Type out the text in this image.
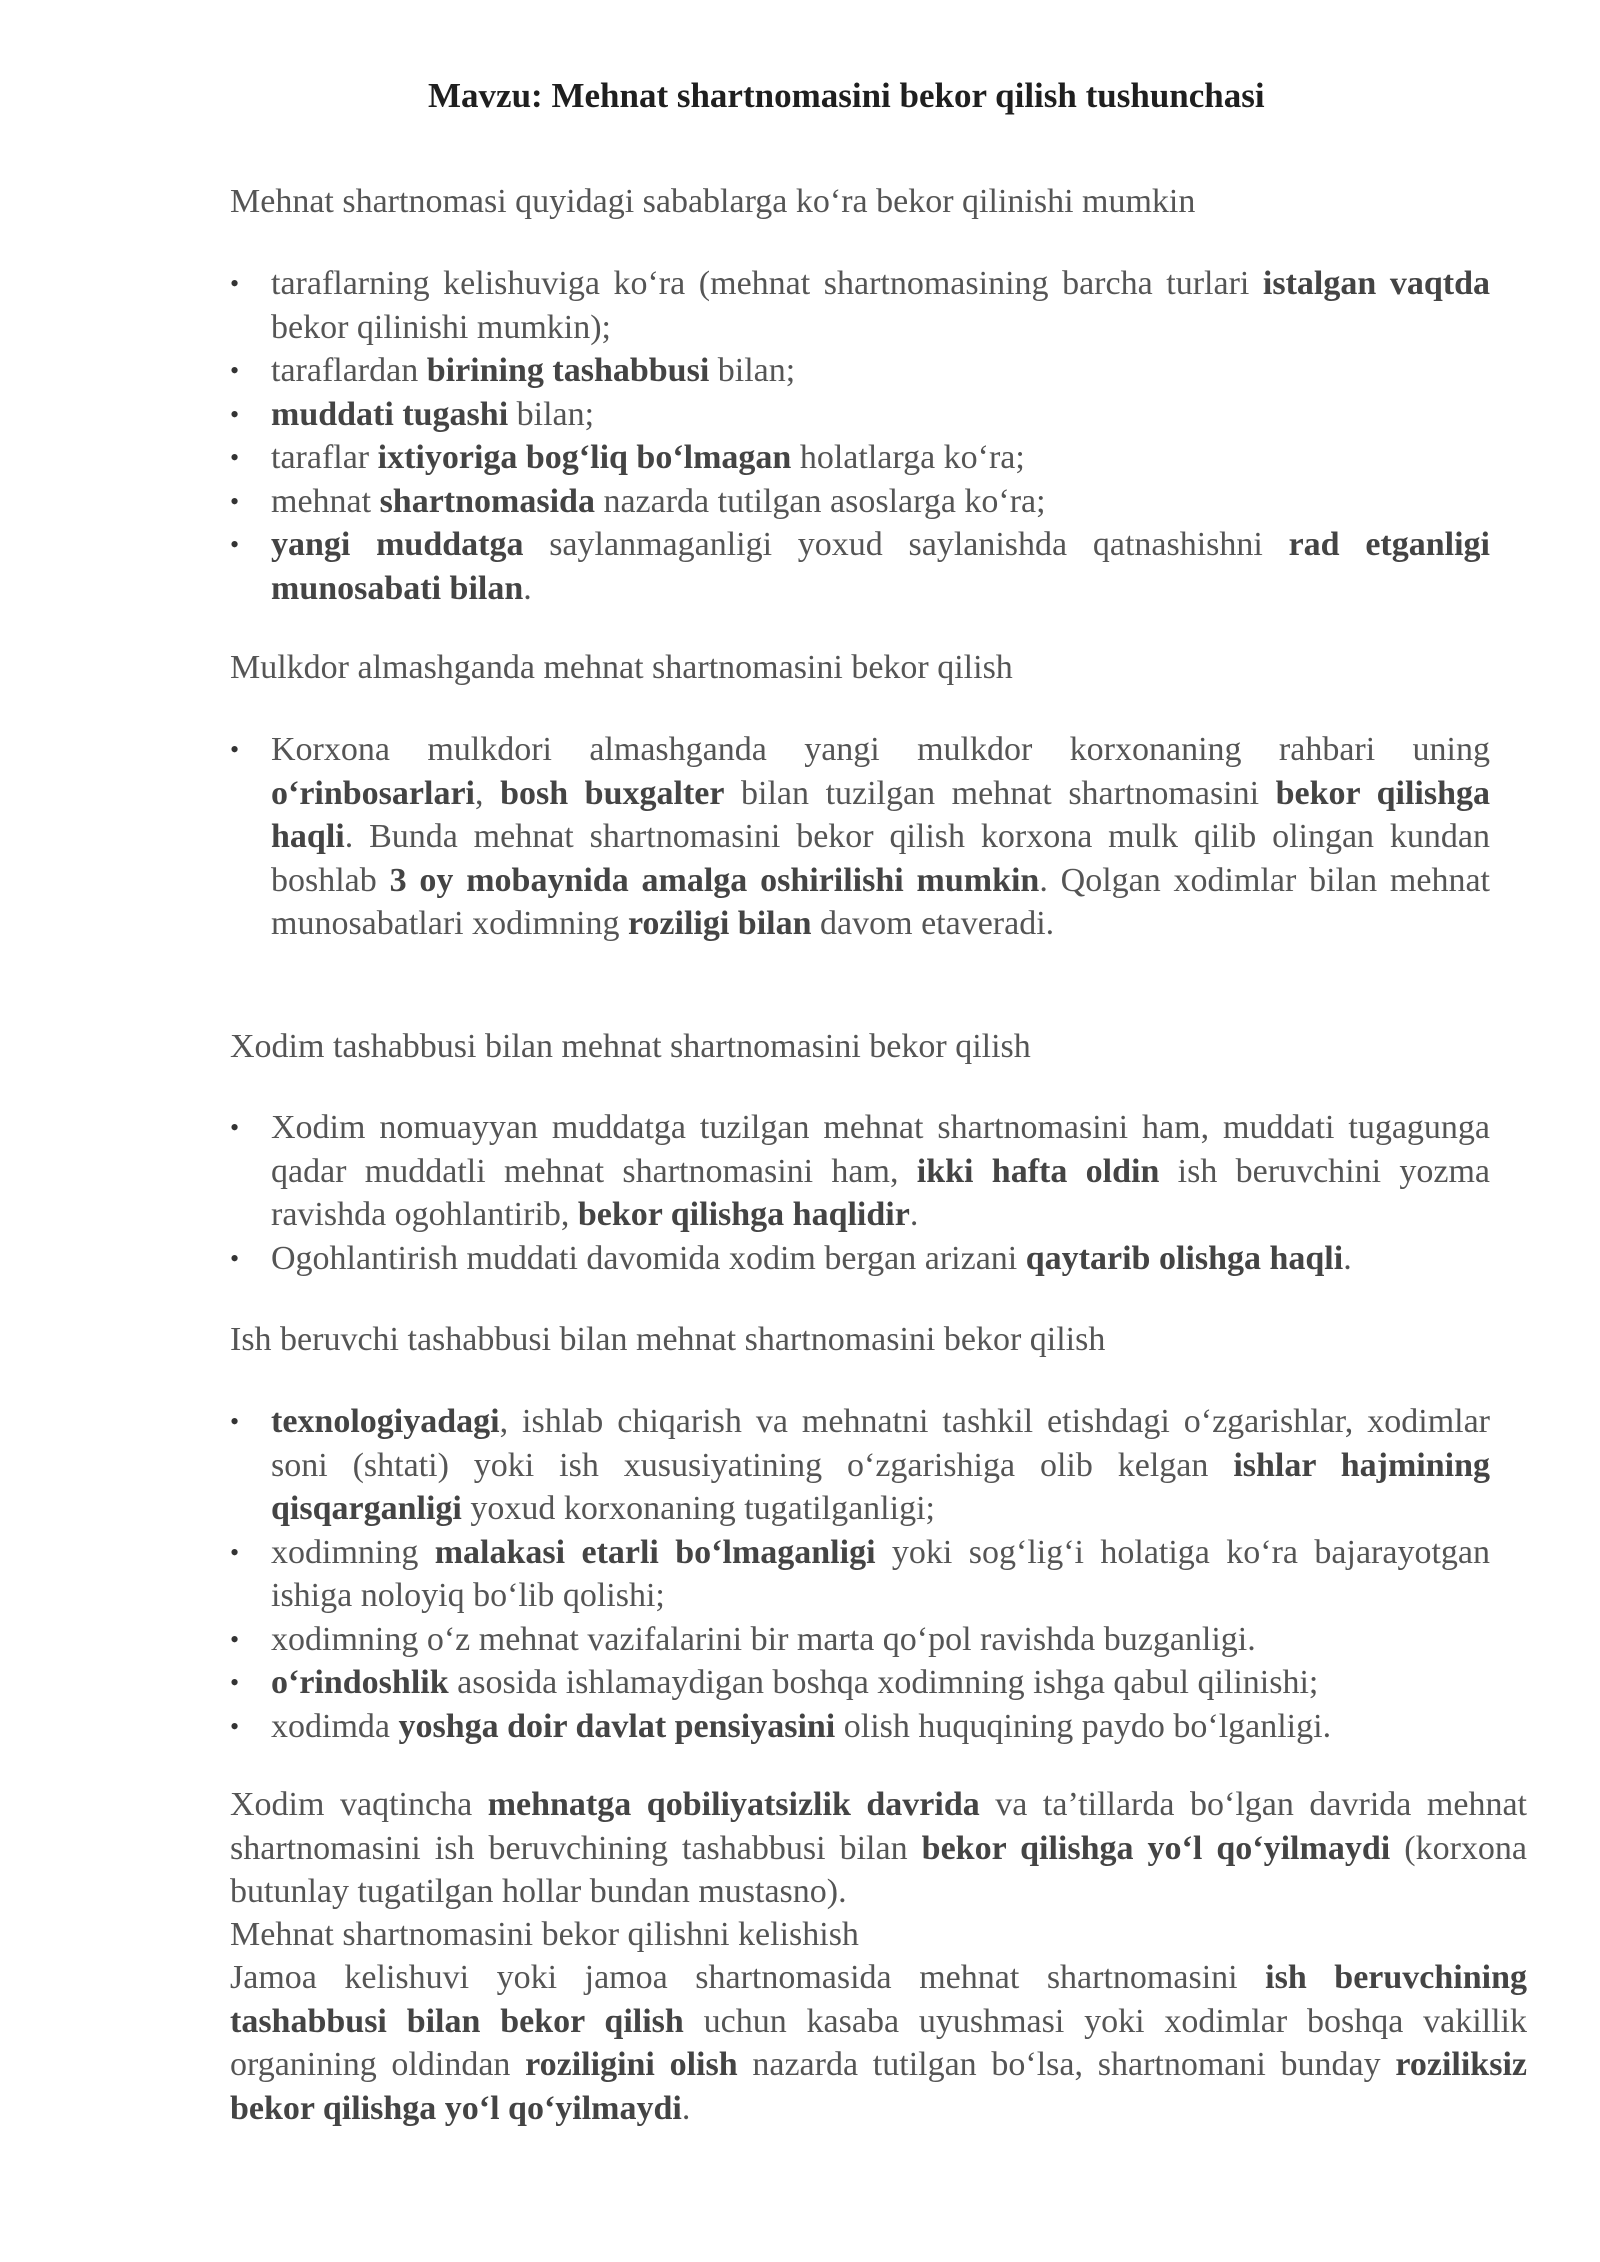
Mavzu: Mehnat shartnomasini bekor qilish tushunchasi

Mehnat shartnomasi quyidagi sabablarga ko‘ra bekor qilinishi mumkin

• taraflarning kelishuviga ko‘ra (mehnat shartnomasining barcha turlari istalgan vaqtda bekor qilinishi mumkin);
• taraflardan birining tashabbusi bilan;
• muddati tugashi bilan;
• taraflar ixtiyoriga bog‘liq bo‘lmagan holatlarga ko‘ra;
• mehnat shartnomasida nazarda tutilgan asoslarga ko‘ra;
• yangi muddatga saylanmaganligi yoxud saylanishda qatnashishni rad etganligi munosabati bilan.

Mulkdor almashganda mehnat shartnomasini bekor qilish

• Korxona mulkdori almashganda yangi mulkdor korxonaning rahbari uning o‘rinbosarlari, bosh buxgalter bilan tuzilgan mehnat shartnomasini bekor qilishga haqli. Bunda mehnat shartnomasini bekor qilish korxona mulk qilib olingan kundan boshlab 3 oy mobaynida amalga oshirilishi mumkin. Qolgan xodimlar bilan mehnat munosabatlari xodimning roziligi bilan davom etaveradi.

Xodim tashabbusi bilan mehnat shartnomasini bekor qilish

• Xodim nomuayyan muddatga tuzilgan mehnat shartnomasini ham, muddati tugagunga qadar muddatli mehnat shartnomasini ham, ikki hafta oldin ish beruvchini yozma ravishda ogohlantirib, bekor qilishga haqlidir.
• Ogohlantirish muddati davomida xodim bergan arizani qaytarib olishga haqli.

Ish beruvchi tashabbusi bilan mehnat shartnomasini bekor qilish

• texnologiyadagi, ishlab chiqarish va mehnatni tashkil etishdagi o‘zgarishlar, xodimlar soni (shtati) yoki ish xususiyatining o‘zgarishiga olib kelgan ishlar hajmining qisqarganligi yoxud korxonaning tugatilganligi;
• xodimning malakasi etarli bo‘lmaganligi yoki sog‘lig‘i holatiga ko‘ra bajarayotgan ishiga noloyiq bo‘lib qolishi;
• xodimning o‘z mehnat vazifalarini bir marta qo‘pol ravishda buzganligi.
• o‘rindoshlik asosida ishlamaydigan boshqa xodimning ishga qabul qilinishi;
• xodimda yoshga doir davlat pensiyasini olish huquqining paydo bo‘lganligi.

Xodim vaqtincha mehnatga qobiliyatsizlik davrida va ta’tillarda bo‘lgan davrida mehnat shartnomasini ish beruvchining tashabbusi bilan bekor qilishga yo‘l qo‘yilmaydi (korxona butunlay tugatilgan hollar bundan mustasno).

Mehnat shartnomasini bekor qilishni kelishish

Jamoa kelishuvi yoki jamoa shartnomasida mehnat shartnomasini ish beruvchining tashabbusi bilan bekor qilish uchun kasaba uyushmasi yoki xodimlar boshqa vakillik organining oldindan roziligini olish nazarda tutilgan bo‘lsa, shartnomani bunday roziliksiz bekor qilishga yo‘l qo‘yilmaydi.
